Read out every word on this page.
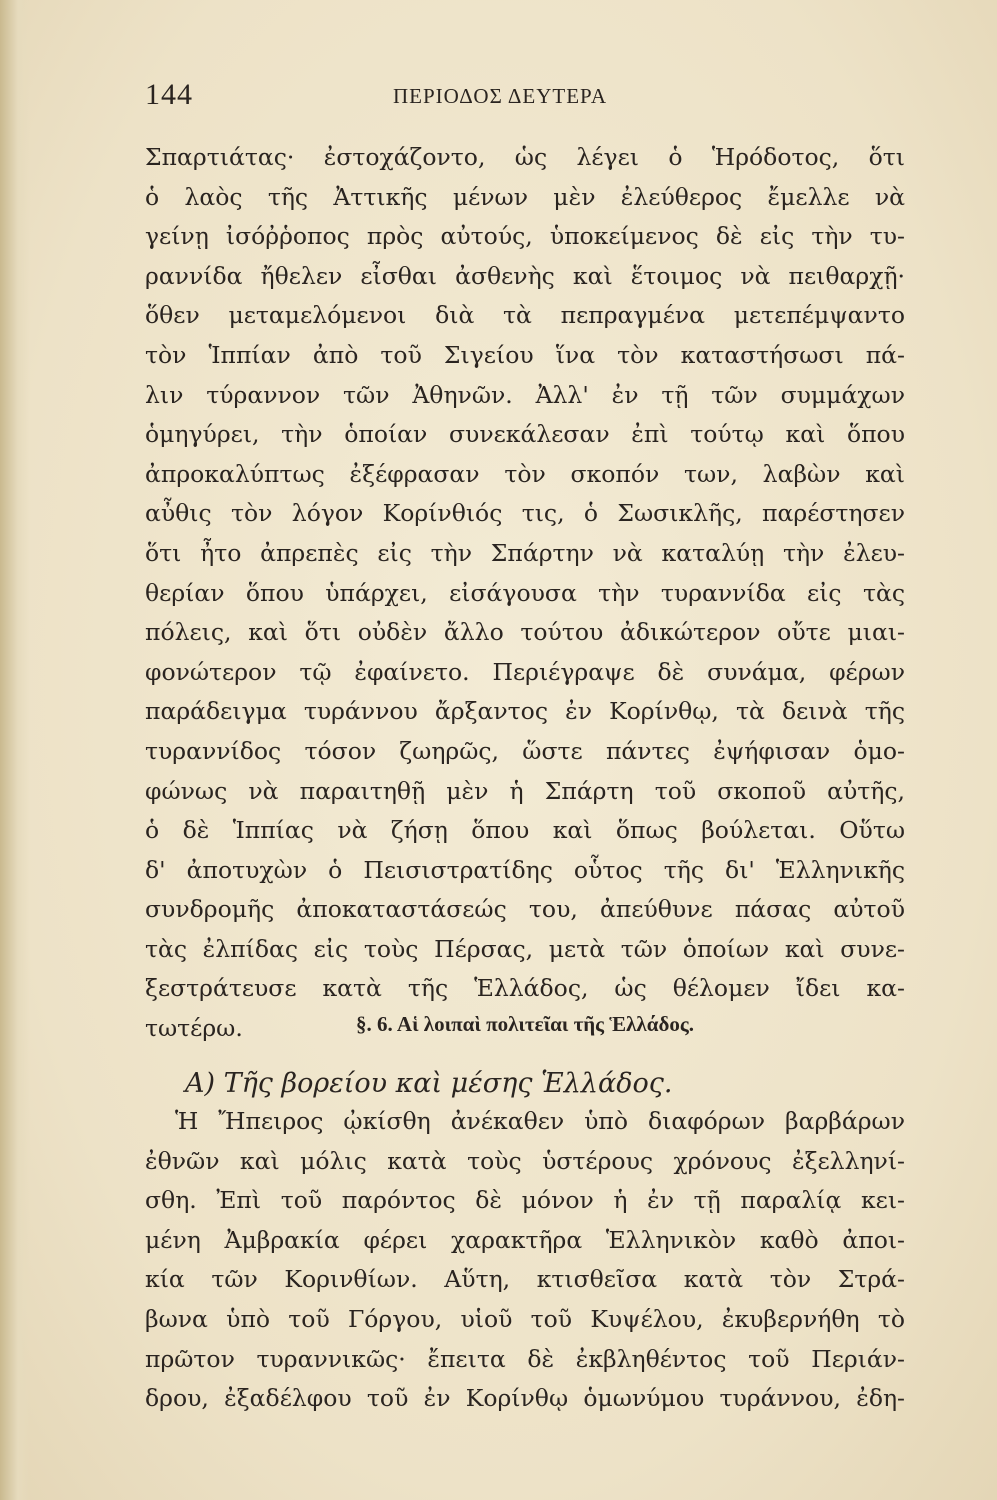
144	ΠΕΡΙΟΔΟΣ ΔΕΥΤΕΡΑ
Σπαρτιάτας· ἐστοχάζοντο, ὡς λέγει ὁ Ἡρόδοτος, ὅτι
ὁ λαὸς τῆς Ἀττικῆς μένων μὲν ἐλεύθερος ἔμελλε νὰ
γείνῃ ἰσόῤῥοπος πρὸς αὐτούς, ὑποκείμενος δὲ εἰς τὴν τυ-
ραννίδα ἤθελεν εἶσθαι ἀσθενὴς καὶ ἕτοιμος νὰ πειθαρχῇ·
ὅθεν μεταμελόμενοι διὰ τὰ πεπραγμένα μετεπέμψαντο
τὸν Ἱππίαν ἀπὸ τοῦ Σιγείου ἵνα τὸν καταστήσωσι πά-
λιν τύραννον τῶν Ἀθηνῶν. Ἀλλ' ἐν τῇ τῶν συμμάχων
ὁμηγύρει, τὴν ὁποίαν συνεκάλεσαν ἐπὶ τούτῳ καὶ ὅπου
ἀπροκαλύπτως ἐξέφρασαν τὸν σκοπόν των, λαβὼν καὶ
αὖθις τὸν λόγον Κορίνθιός τις, ὁ Σωσικλῆς, παρέστησεν
ὅτι ἦτο ἀπρεπὲς εἰς τὴν Σπάρτην νὰ καταλύῃ τὴν ἐλευ-
θερίαν ὅπου ὑπάρχει, εἰσάγουσα τὴν τυραννίδα εἰς τὰς
πόλεις, καὶ ὅτι οὐδὲν ἄλλο τούτου ἀδικώτερον οὔτε μιαι-
φονώτερον τῷ ἐφαίνετο. Περιέγραψε δὲ συνάμα, φέρων
παράδειγμα τυράννου ἄρξαντος ἐν Κορίνθῳ, τὰ δεινὰ τῆς
τυραννίδος τόσον ζωηρῶς, ὥστε πάντες ἐψήφισαν ὁμο-
φώνως νὰ παραιτηθῇ μὲν ἡ Σπάρτη τοῦ σκοποῦ αὐτῆς,
ὁ δὲ Ἱππίας νὰ ζήσῃ ὅπου καὶ ὅπως βούλεται. Οὕτω
δ' ἀποτυχὼν ὁ Πεισιστρατίδης οὗτος τῆς δι' Ἑλληνικῆς
συνδρομῆς ἀποκαταστάσεώς του, ἀπεύθυνε πάσας αὐτοῦ
τὰς ἐλπίδας εἰς τοὺς Πέρσας, μετὰ τῶν ὁποίων καὶ συνε-
ξεστράτευσε κατὰ τῆς Ἑλλάδος, ὡς θέλομεν ἴδει κα-
τωτέρω.	§. 6. Αἱ λοιπαὶ πολιτεῖαι τῆς Ἑλλάδος.
Α) Τῆς βορείου καὶ μέσης Ἑλλάδος.
Ἡ Ἤπειρος ᾠκίσθη ἀνέκαθεν ὑπὸ διαφόρων βαρβάρων
ἐθνῶν καὶ μόλις κατὰ τοὺς ὑστέρους χρόνους ἐξελληνί-
σθη. Ἐπὶ τοῦ παρόντος δὲ μόνον ἡ ἐν τῇ παραλίᾳ κει-
μένη Ἀμβρακία φέρει χαρακτῆρα Ἑλληνικὸν καθὸ ἀποι-
κία τῶν Κορινθίων. Αὕτη, κτισθεῖσα κατὰ τὸν Στρά-
βωνα ὑπὸ τοῦ Γόργου, υἱοῦ τοῦ Κυψέλου, ἐκυβερνήθη τὸ
πρῶτον τυραννικῶς· ἔπειτα δὲ ἐκβληθέντος τοῦ Περιάν-
δρου, ἐξαδέλφου τοῦ ἐν Κορίνθῳ ὁμωνύμου τυράννου, ἐδη-
